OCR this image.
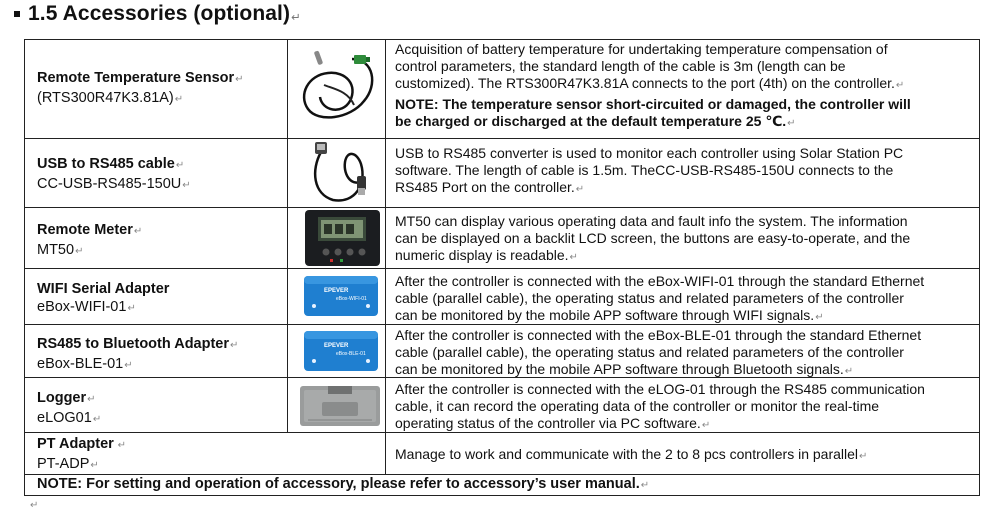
1.5 Accessories (optional)↵
Remote Temperature Sensor↵
(RTS300R47K3.81A)↵
Acquisition of battery temperature for undertaking temperature compensation of
control parameters, the standard length of the cable is 3m (length can be
customized). The RTS300R47K3.81A connects to the port (4th) on the controller.↵
NOTE: The temperature sensor short-circuited or damaged, the controller will
be charged or discharged at the default temperature 25 ℃.↵
USB to RS485 cable↵
CC-USB-RS485-150U↵
USB to RS485 converter is used to monitor each controller using Solar Station PC
software. The length of cable is 1.5m. TheCC-USB-RS485-150U connects to the
RS485 Port on the controller.↵
Remote Meter↵
MT50↵
MT50 can display various operating data and fault info the system. The information
can be displayed on a backlit LCD screen, the buttons are easy-to-operate, and the
numeric display is readable.↵
WIFI Serial Adapter
eBox-WIFI-01↵
EPEVER
eBox-WIFI-01
After the controller is connected with the eBox-WIFI-01 through the standard Ethernet
cable (parallel cable), the operating status and related parameters of the controller
can be monitored by the mobile APP software through WIFI signals.↵
RS485 to Bluetooth Adapter↵
eBox-BLE-01↵
EPEVER
eBox-BLE-01
After the controller is connected with the eBox-BLE-01 through the standard Ethernet
cable (parallel cable), the operating status and related parameters of the controller
can be monitored by the mobile APP software through Bluetooth signals.↵
Logger↵
eLOG01↵
After the controller is connected with the eLOG-01 through the RS485 communication
cable, it can record the operating data of the controller or monitor the real-time
operating status of the controller via PC software.↵
PT Adapter ↵
PT-ADP↵
Manage to work and communicate with the 2 to 8 pcs controllers in parallel↵
NOTE: For setting and operation of accessory, please refer to accessory’s user manual.↵
↵
